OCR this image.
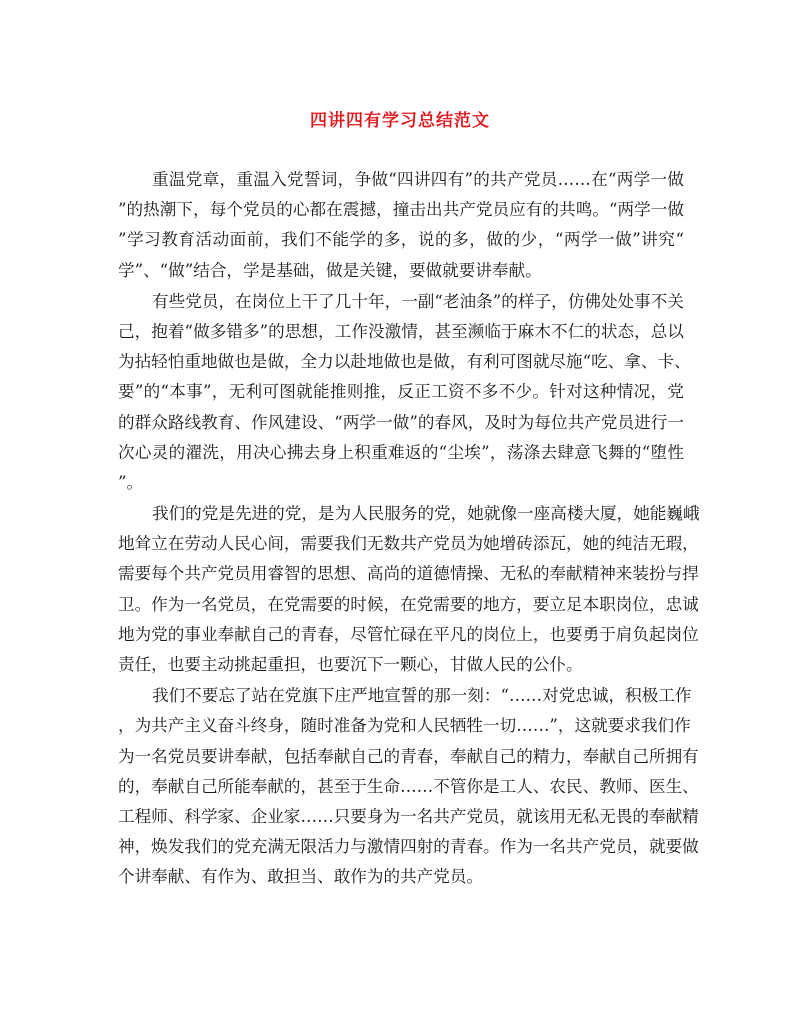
四讲四有学习总结范文
重温党章，重温入党誓词，争做“四讲四有”的共产党员……在“两学一做
”的热潮下，每个党员的心都在震撼，撞击出共产党员应有的共鸣。“两学一做
”学习教育活动面前，我们不能学的多，说的多，做的少，“两学一做”讲究“
学”、“做”结合，学是基础，做是关键，要做就要讲奉献。
有些党员，在岗位上干了几十年，一副“老油条”的样子，仿佛处处事不关
己，抱着“做多错多”的思想，工作没激情，甚至濒临于麻木不仁的状态，总以
为拈轻怕重地做也是做，全力以赴地做也是做，有利可图就尽施“吃、拿、卡、
要”的“本事”，无利可图就能推则推，反正工资不多不少。针对这种情况，党
的群众路线教育、作风建设、“两学一做”的春风，及时为每位共产党员进行一
次心灵的濯洗，用决心拂去身上积重难返的“尘埃”，荡涤去肆意飞舞的“堕性
”。
我们的党是先进的党，是为人民服务的党，她就像一座高楼大厦，她能巍峨
地耸立在劳动人民心间，需要我们无数共产党员为她增砖添瓦，她的纯洁无瑕，
需要每个共产党员用睿智的思想、高尚的道德情操、无私的奉献精神来装扮与捍
卫。作为一名党员，在党需要的时候，在党需要的地方，要立足本职岗位，忠诚
地为党的事业奉献自己的青春，尽管忙碌在平凡的岗位上，也要勇于肩负起岗位
责任，也要主动挑起重担，也要沉下一颗心，甘做人民的公仆。
我们不要忘了站在党旗下庄严地宣誓的那一刻：“……对党忠诚，积极工作
，为共产主义奋斗终身，随时准备为党和人民牺牲一切……”，这就要求我们作
为一名党员要讲奉献，包括奉献自己的青春，奉献自己的精力，奉献自己所拥有
的，奉献自己所能奉献的，甚至于生命……不管你是工人、农民、教师、医生、
工程师、科学家、企业家……只要身为一名共产党员，就该用无私无畏的奉献精
神，焕发我们的党充满无限活力与激情四射的青春。作为一名共产党员，就要做
个讲奉献、有作为、敢担当、敢作为的共产党员。
